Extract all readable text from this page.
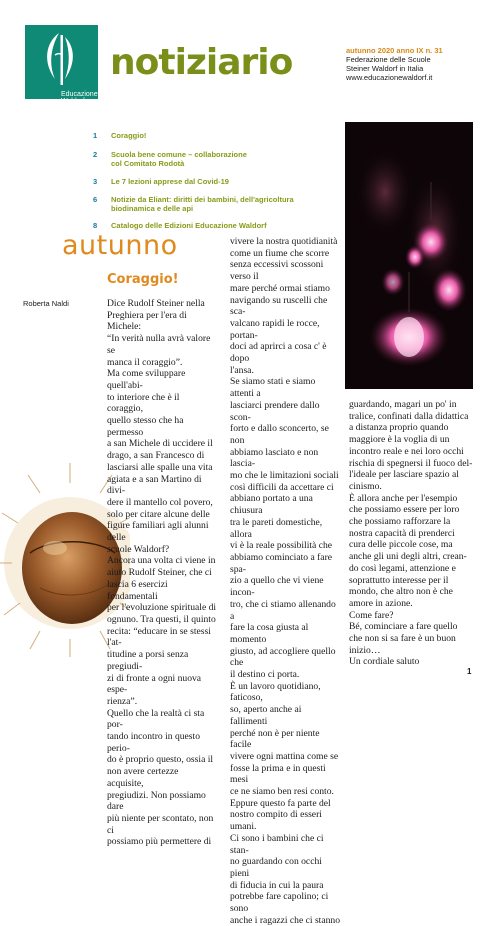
Educazione
Waldorf
notiziario	autunno 2020 anno IX n. 31
Federazione delle Scuole
Steiner Waldorf in Italia
www.educazionewaldorf.it
1 Coraggio!
2 Scuola bene comune – collaborazione
col Comitato Rodotà
3 Le 7 lezioni apprese dal Covid-19
6 Notizie da Eliant: diritti dei bambini, dell'agricoltura
biodinamica e delle api
8 Catalogo delle Edizioni Educazione Waldorf
autunno
Coraggio!
Roberta Naldi	Dice Rudolf Steiner nella

Preghiera per l'era di Michele:

“In verità nulla avrà valore se

manca il coraggio”.

Ma come sviluppare quell'abi-

to interiore che è il coraggio,

quello stesso che ha permesso

a san Michele di uccidere il

drago, a san Francesco di

lasciarsi alle spalle una vita

agiata e a san Martino di divi-

dere il mantello col povero,

solo per citare alcune delle

figure familiari agli alunni delle

scuole Waldorf?

Ancora una volta ci viene in

aiuto Rudolf Steiner, che ci

lascia 6 esercizi fondamentali

per l'evoluzione spirituale di

ognuno. Tra questi, il quinto

recita: “educare in se stessi l'at-

titudine a porsi senza pregiudi-

zi di fronte a ogni nuova espe-

rienza”.

Quello che la realtà ci sta por-

tando incontro in questo perio-

do è proprio questo, ossia il

non avere certezze acquisite,

pregiudizi. Non possiamo dare

più niente per scontato, non ci

possiamo più permettere di

vivere la nostra quotidianità

come un fiume che scorre

senza eccessivi scossoni verso il

mare perché ormai stiamo

navigando su ruscelli che sca-

valcano rapidi le rocce, portan-

doci ad aprirci a cosa c' è dopo

l'ansa.

Se siamo stati e siamo attenti a

lasciarci prendere dallo scon-

forto e dallo sconcerto, se non

abbiamo lasciato e non lascia-

mo che le limitazioni sociali

così difficili da accettare ci

abbiano portato a una chiusura

tra le pareti domestiche, allora

vi è la reale possibilità che

abbiamo cominciato a fare spa-

zio a quello che vi viene incon-

tro, che ci stiamo allenando a

fare la cosa giusta al momento

giusto, ad accogliere quello che

il destino ci porta.

È un lavoro quotidiano, faticoso,

so, aperto anche ai fallimenti

perché non è per niente facile

vivere ogni mattina come se

fosse la prima e in questi mesi

ce ne siamo ben resi conto.

Eppure questo fa parte del

nostro compito di esseri

umani.

Ci sono i bambini che ci stan-

no guardando con occhi pieni

di fiducia in cui la paura

potrebbe fare capolino; ci sono

anche i ragazzi che ci stanno

guardando, magari un po' in

tralice, confinati dalla didattica

a distanza proprio quando

maggiore è la voglia di un

incontro reale e nei loro occhi

rischia di spegnersi il fuoco del-

l'ideale per lasciare spazio al

cinismo.

È allora anche per l'esempio

che possiamo essere per loro

che possiamo rafforzare la

nostra capacità di prenderci

cura delle piccole cose, ma

anche gli uni degli altri, crean-

do così legami, attenzione e

soprattutto interesse per il

mondo, che altro non è che

amore in azione.

Come fare?

Bé, cominciare a fare quello

che non si sa fare è un buon

inizio…

Un cordiale saluto

1
